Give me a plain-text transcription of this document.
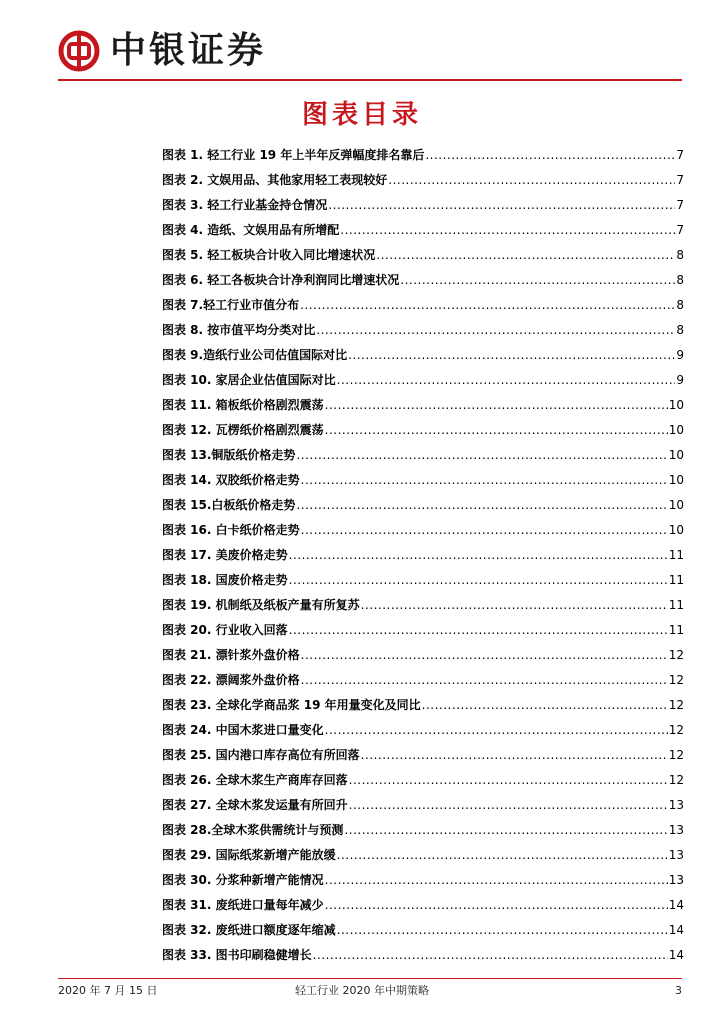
中银证券
图表目录
图表 1. 轻工行业 19 年上半年反弹幅度排名靠后 .....	7
图表 2. 文娱用品、其他家用轻工表现较好 .....	7
图表 3. 轻工行业基金持仓情况 .....	7
图表 4. 造纸、文娱用品有所增配 .....	7
图表 5. 轻工板块合计收入同比增速状况 .....	8
图表 6. 轻工各板块合计净利润同比增速状况 .....	8
图表 7.轻工行业市值分布 .....	8
图表 8. 按市值平均分类对比 .....	8
图表 9.造纸行业公司估值国际对比 .....	9
图表 10. 家居企业估值国际对比 .....	9
图表 11. 箱板纸价格剧烈震荡 .....	10
图表 12. 瓦楞纸价格剧烈震荡 .....	10
图表 13.铜版纸价格走势 .....	10
图表 14. 双胶纸价格走势 .....	10
图表 15.白板纸价格走势 .....	10
图表 16. 白卡纸价格走势 .....	10
图表 17. 美废价格走势 .....	11
图表 18. 国废价格走势 .....	11
图表 19. 机制纸及纸板产量有所复苏 .....	11
图表 20. 行业收入回落 .....	11
图表 21. 漂针浆外盘价格 .....	12
图表 22. 漂阔浆外盘价格 .....	12
图表 23. 全球化学商品浆 19 年用量变化及同比 .....	12
图表 24. 中国木浆进口量变化 .....	12
图表 25. 国内港口库存高位有所回落 .....	12
图表 26. 全球木浆生产商库存回落 .....	12
图表 27. 全球木浆发运量有所回升 .....	13
图表 28.全球木浆供需统计与预测 .....	13
图表 29. 国际纸浆新增产能放缓 .....	13
图表 30. 分浆种新增产能情况 .....	13
图表 31. 废纸进口量每年减少 .....	14
图表 32. 废纸进口额度逐年缩减 .....	14
图表 33. 图书印刷稳健增长 .....	14
2020 年 7 月 15 日	轻工行业 2020 年中期策略	3
